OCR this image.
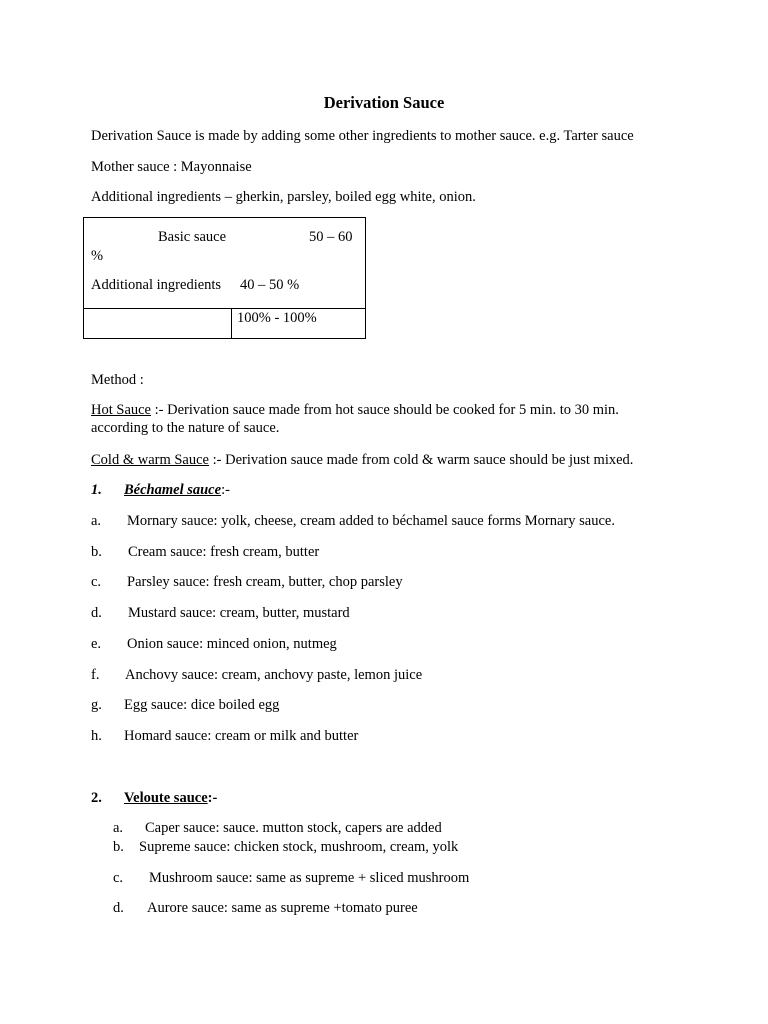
Derivation Sauce
Derivation Sauce is made by adding some other ingredients to mother sauce. e.g. Tarter sauce
Mother sauce : Mayonnaise
Additional ingredients – gherkin, parsley, boiled egg white, onion.
Basic sauce	50 – 60
%
Additional ingredients 40 – 50 %
100% - 100%
Method :
Hot Sauce :- Derivation sauce made from hot sauce should be cooked for 5 min. to 30 min.
according to the nature of sauce.
Cold & warm Sauce :- Derivation sauce made from cold & warm sauce should be just mixed.
1. Béchamel sauce:-
a. Mornary sauce: yolk, cheese, cream added to béchamel sauce forms Mornary sauce.
b. Cream sauce: fresh cream, butter
c. Parsley sauce: fresh cream, butter, chop parsley
d. Mustard sauce: cream, butter, mustard
e. Onion sauce: minced onion, nutmeg
f. Anchovy sauce: cream, anchovy paste, lemon juice
g. Egg sauce: dice boiled egg
h. Homard sauce: cream or milk and butter
2. Veloute sauce:-
a. Caper sauce: sauce. mutton stock, capers are added
b. Supreme sauce: chicken stock, mushroom, cream, yolk
c. Mushroom sauce: same as supreme + sliced mushroom
d. Aurore sauce: same as supreme +tomato puree
